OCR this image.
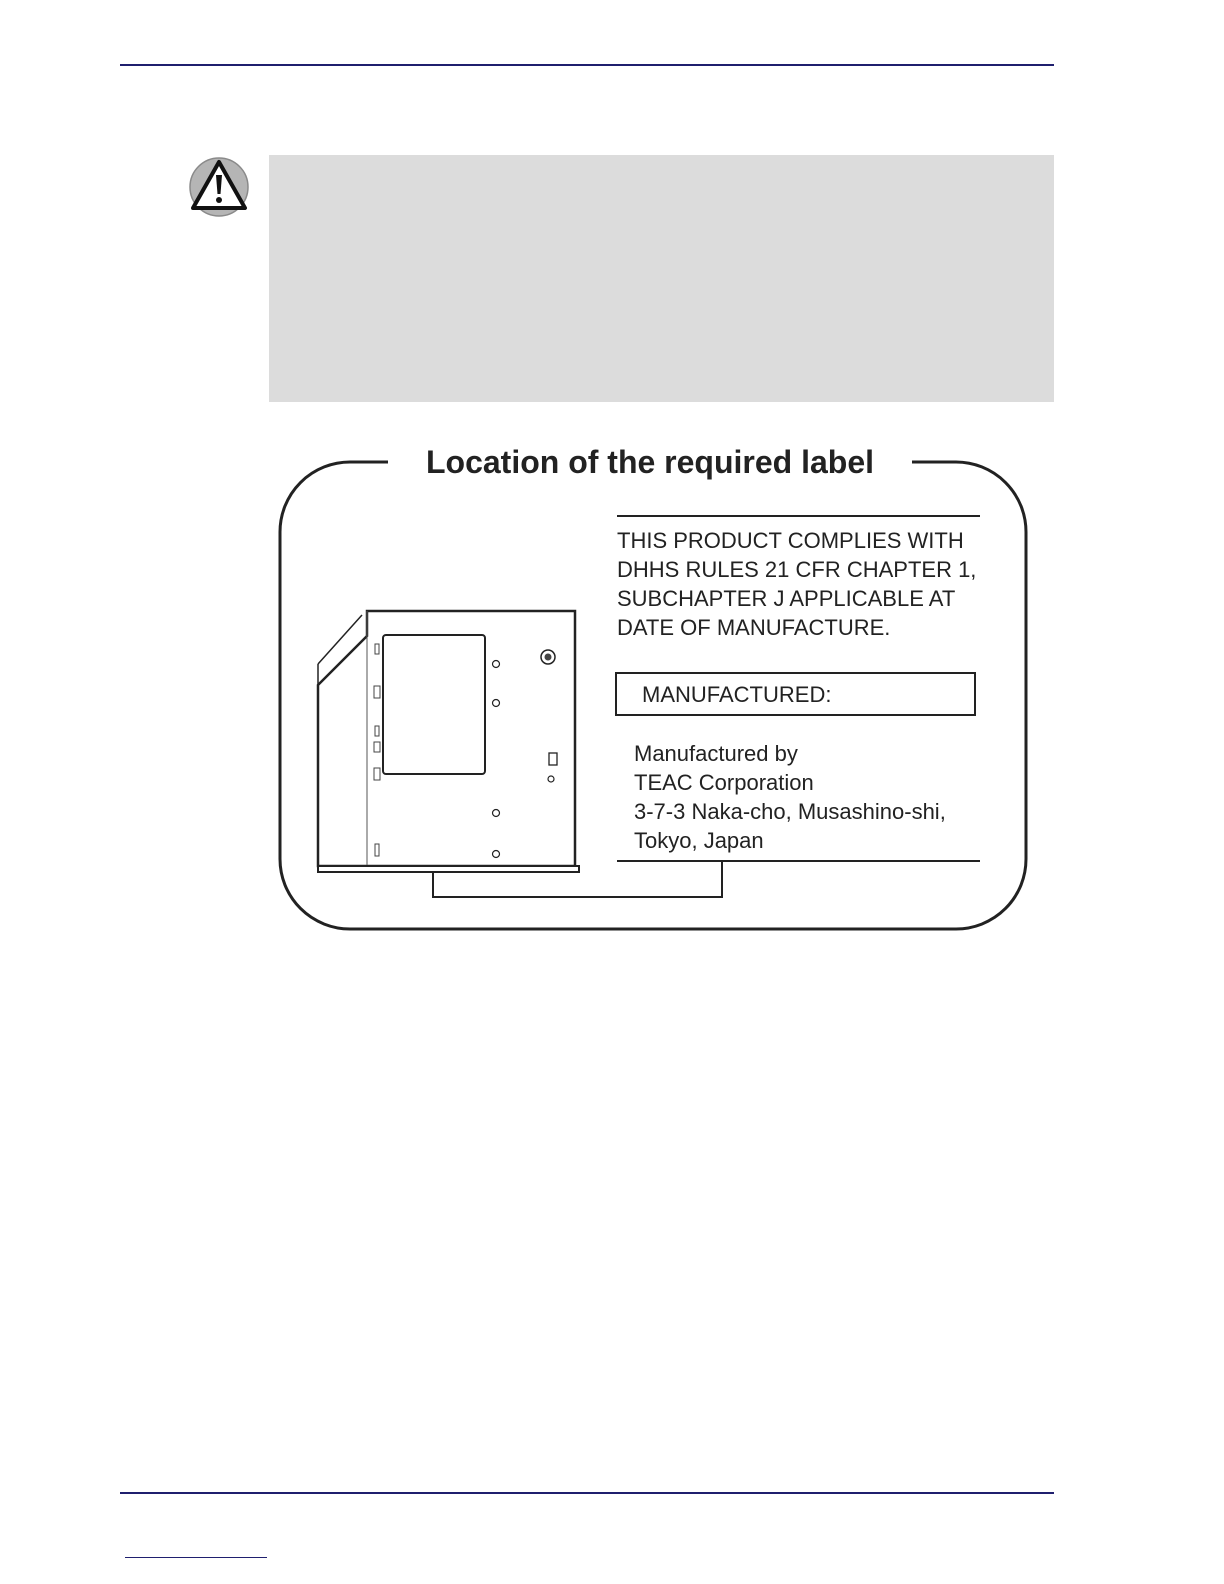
Location of the required label
THIS PRODUCT COMPLIES WITH
DHHS RULES 21 CFR CHAPTER 1,
SUBCHAPTER J APPLICABLE AT
DATE OF MANUFACTURE.
MANUFACTURED:
Manufactured by
TEAC Corporation
3-7-3 Naka-cho, Musashino-shi,
Tokyo, Japan
